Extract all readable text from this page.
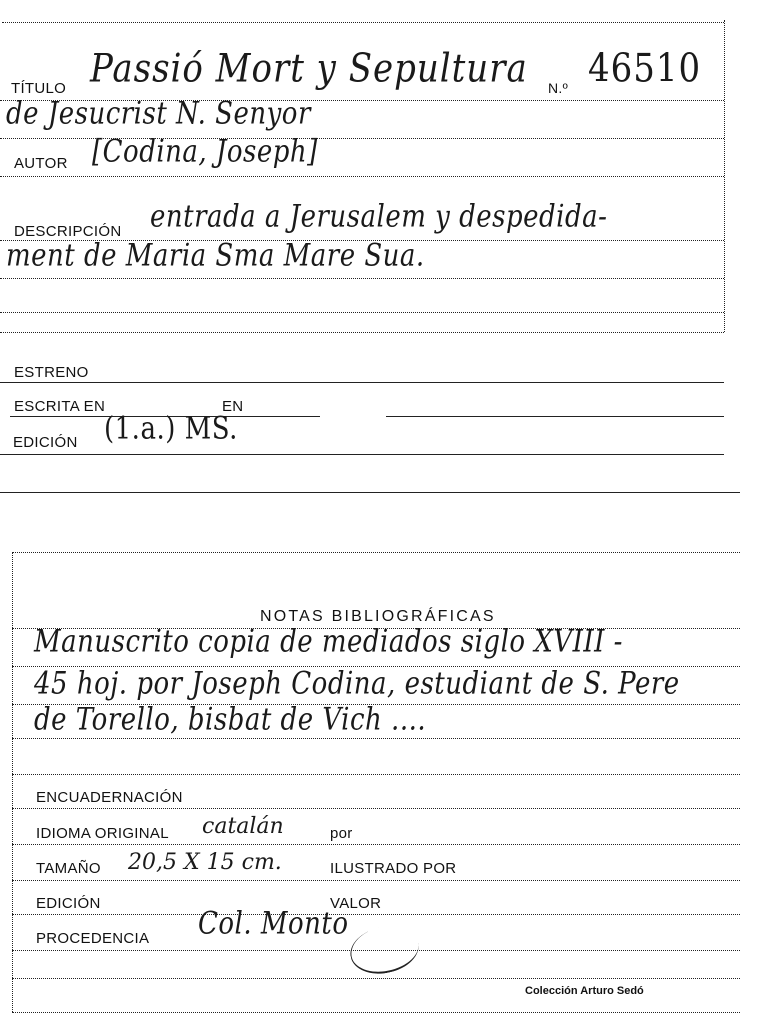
TÍTULO Passió Mort y Sepultura N.º 46510
de Jesucrist N. Senyor
AUTOR [Codina, Joseph]
DESCRIPCIÓN entrada a Jerusalem y despedida-
ment de Maria Sma Mare Sua.
ESTRENO
ESCRITA EN	EN
EDICIÓN (1.a.) MS.
NOTAS BIBLIOGRÁFICAS
Manuscrito copia de mediados siglo XVIII -
45 hoj. por Joseph Codina, estudiant de S. Pere
de Torello, bisbat de Vich ....
ENCUADERNACIÓN
IDIOMA ORIGINAL catalán	por
TAMAÑO 20,5 X 15 cm.	ILUSTRADO POR
EDICIÓN	VALOR
PROCEDENCIA Col. Monto
Colección Arturo Sedó
